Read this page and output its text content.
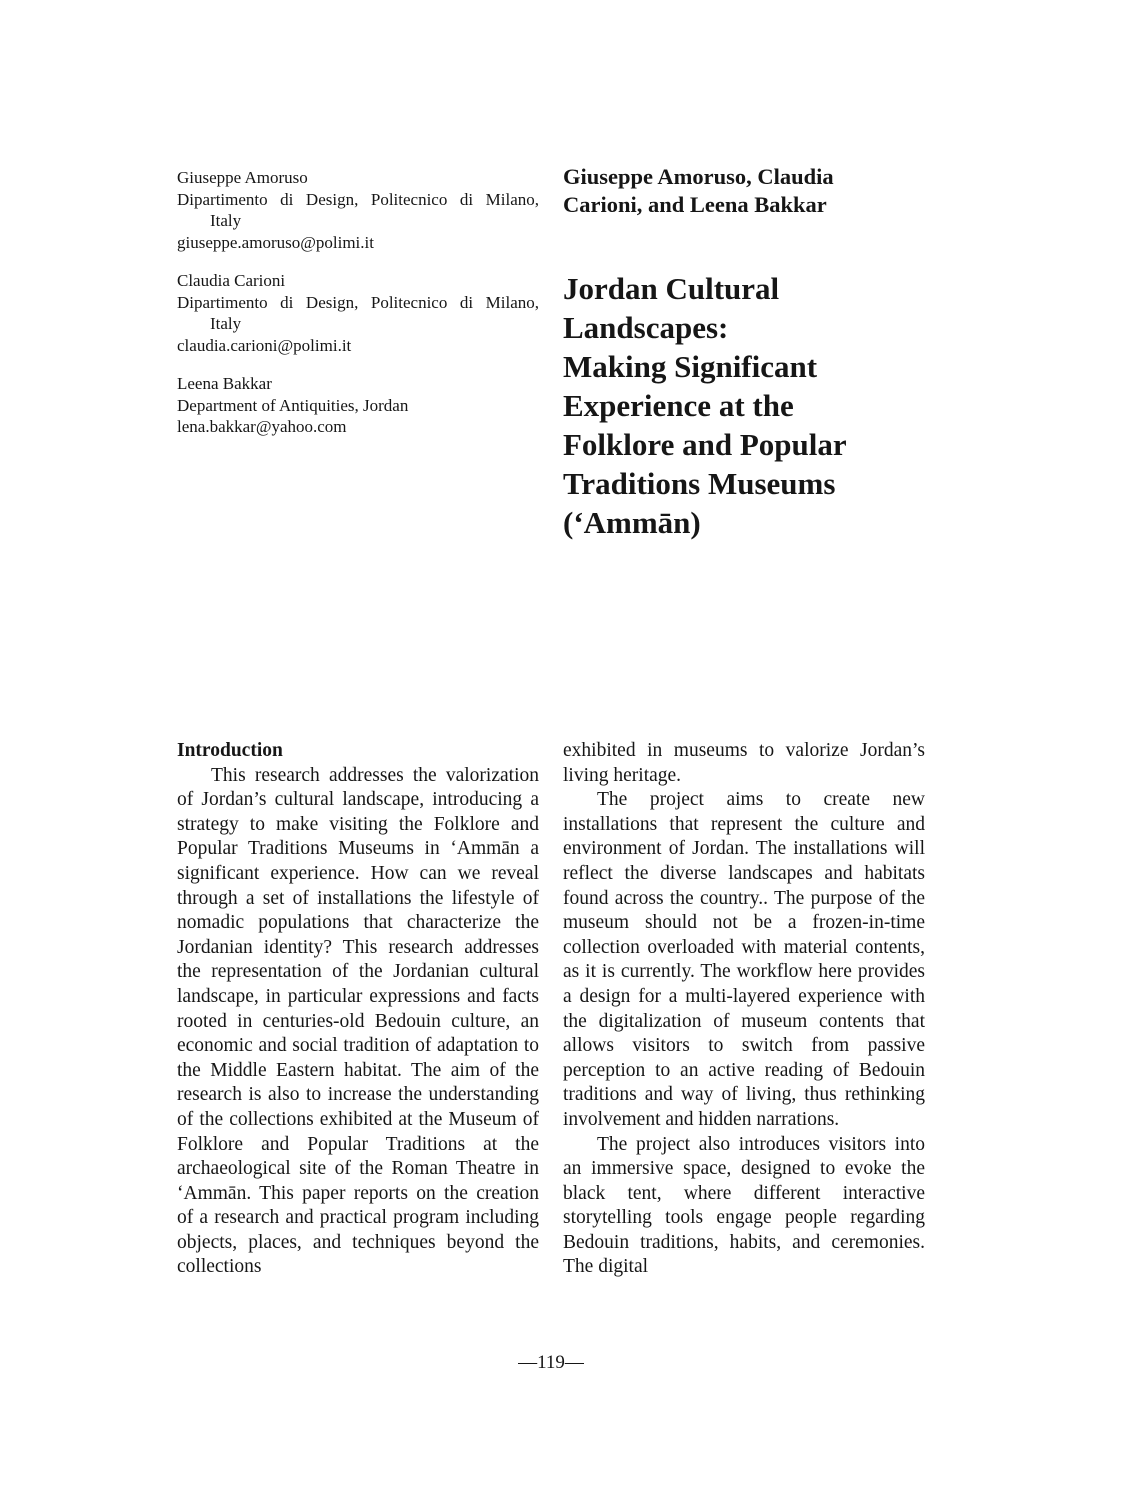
Giuseppe Amoruso
Dipartimento di Design, Politecnico di Milano,
Italy
giuseppe.amoruso@polimi.it
Claudia Carioni
Dipartimento di Design, Politecnico di Milano,
Italy
claudia.carioni@polimi.it
Leena Bakkar
Department of Antiquities, Jordan
lena.bakkar@yahoo.com
Giuseppe Amoruso, Claudia
Carioni, and Leena Bakkar
Jordan Cultural
Landscapes:
Making Significant
Experience at the
Folklore and Popular
Traditions Museums
(‘Ammān)

Introduction

This research addresses the valorization of Jordan’s cultural landscape, introducing a strategy to make visiting the Folklore and Popular Traditions Museums in ‘Ammān a significant experience. How can we reveal through a set of installations the lifestyle of nomadic populations that characterize the Jordanian identity? This research addresses the representation of the Jordanian cultural landscape, in particular expressions and facts rooted in centuries-old Bedouin culture, an economic and social tradition of adaptation to the Middle Eastern habitat. The aim of the research is also to increase the understanding of the collections exhibited at the Museum of Folklore and Popular Traditions at the archaeological site of the Roman Theatre in ‘Ammān. This paper reports on the creation of a research and practical program including objects, places, and techniques beyond the collections

exhibited in museums to valorize Jordan’s living heritage.

The project aims to create new installations that represent the culture and environment of Jordan. The installations will reflect the diverse landscapes and habitats found across the country.. The purpose of the museum should not be a frozen-in-time collection overloaded with material contents, as it is currently. The workflow here provides a design for a multi-layered experience with the digitalization of museum contents that allows visitors to switch from passive perception to an active reading of Bedouin traditions and way of living, thus rethinking involvement and hidden narrations.

The project also introduces visitors into an immersive space, designed to evoke the black tent, where different interactive storytelling tools engage people regarding Bedouin traditions, habits, and ceremonies. The digital

—119—
